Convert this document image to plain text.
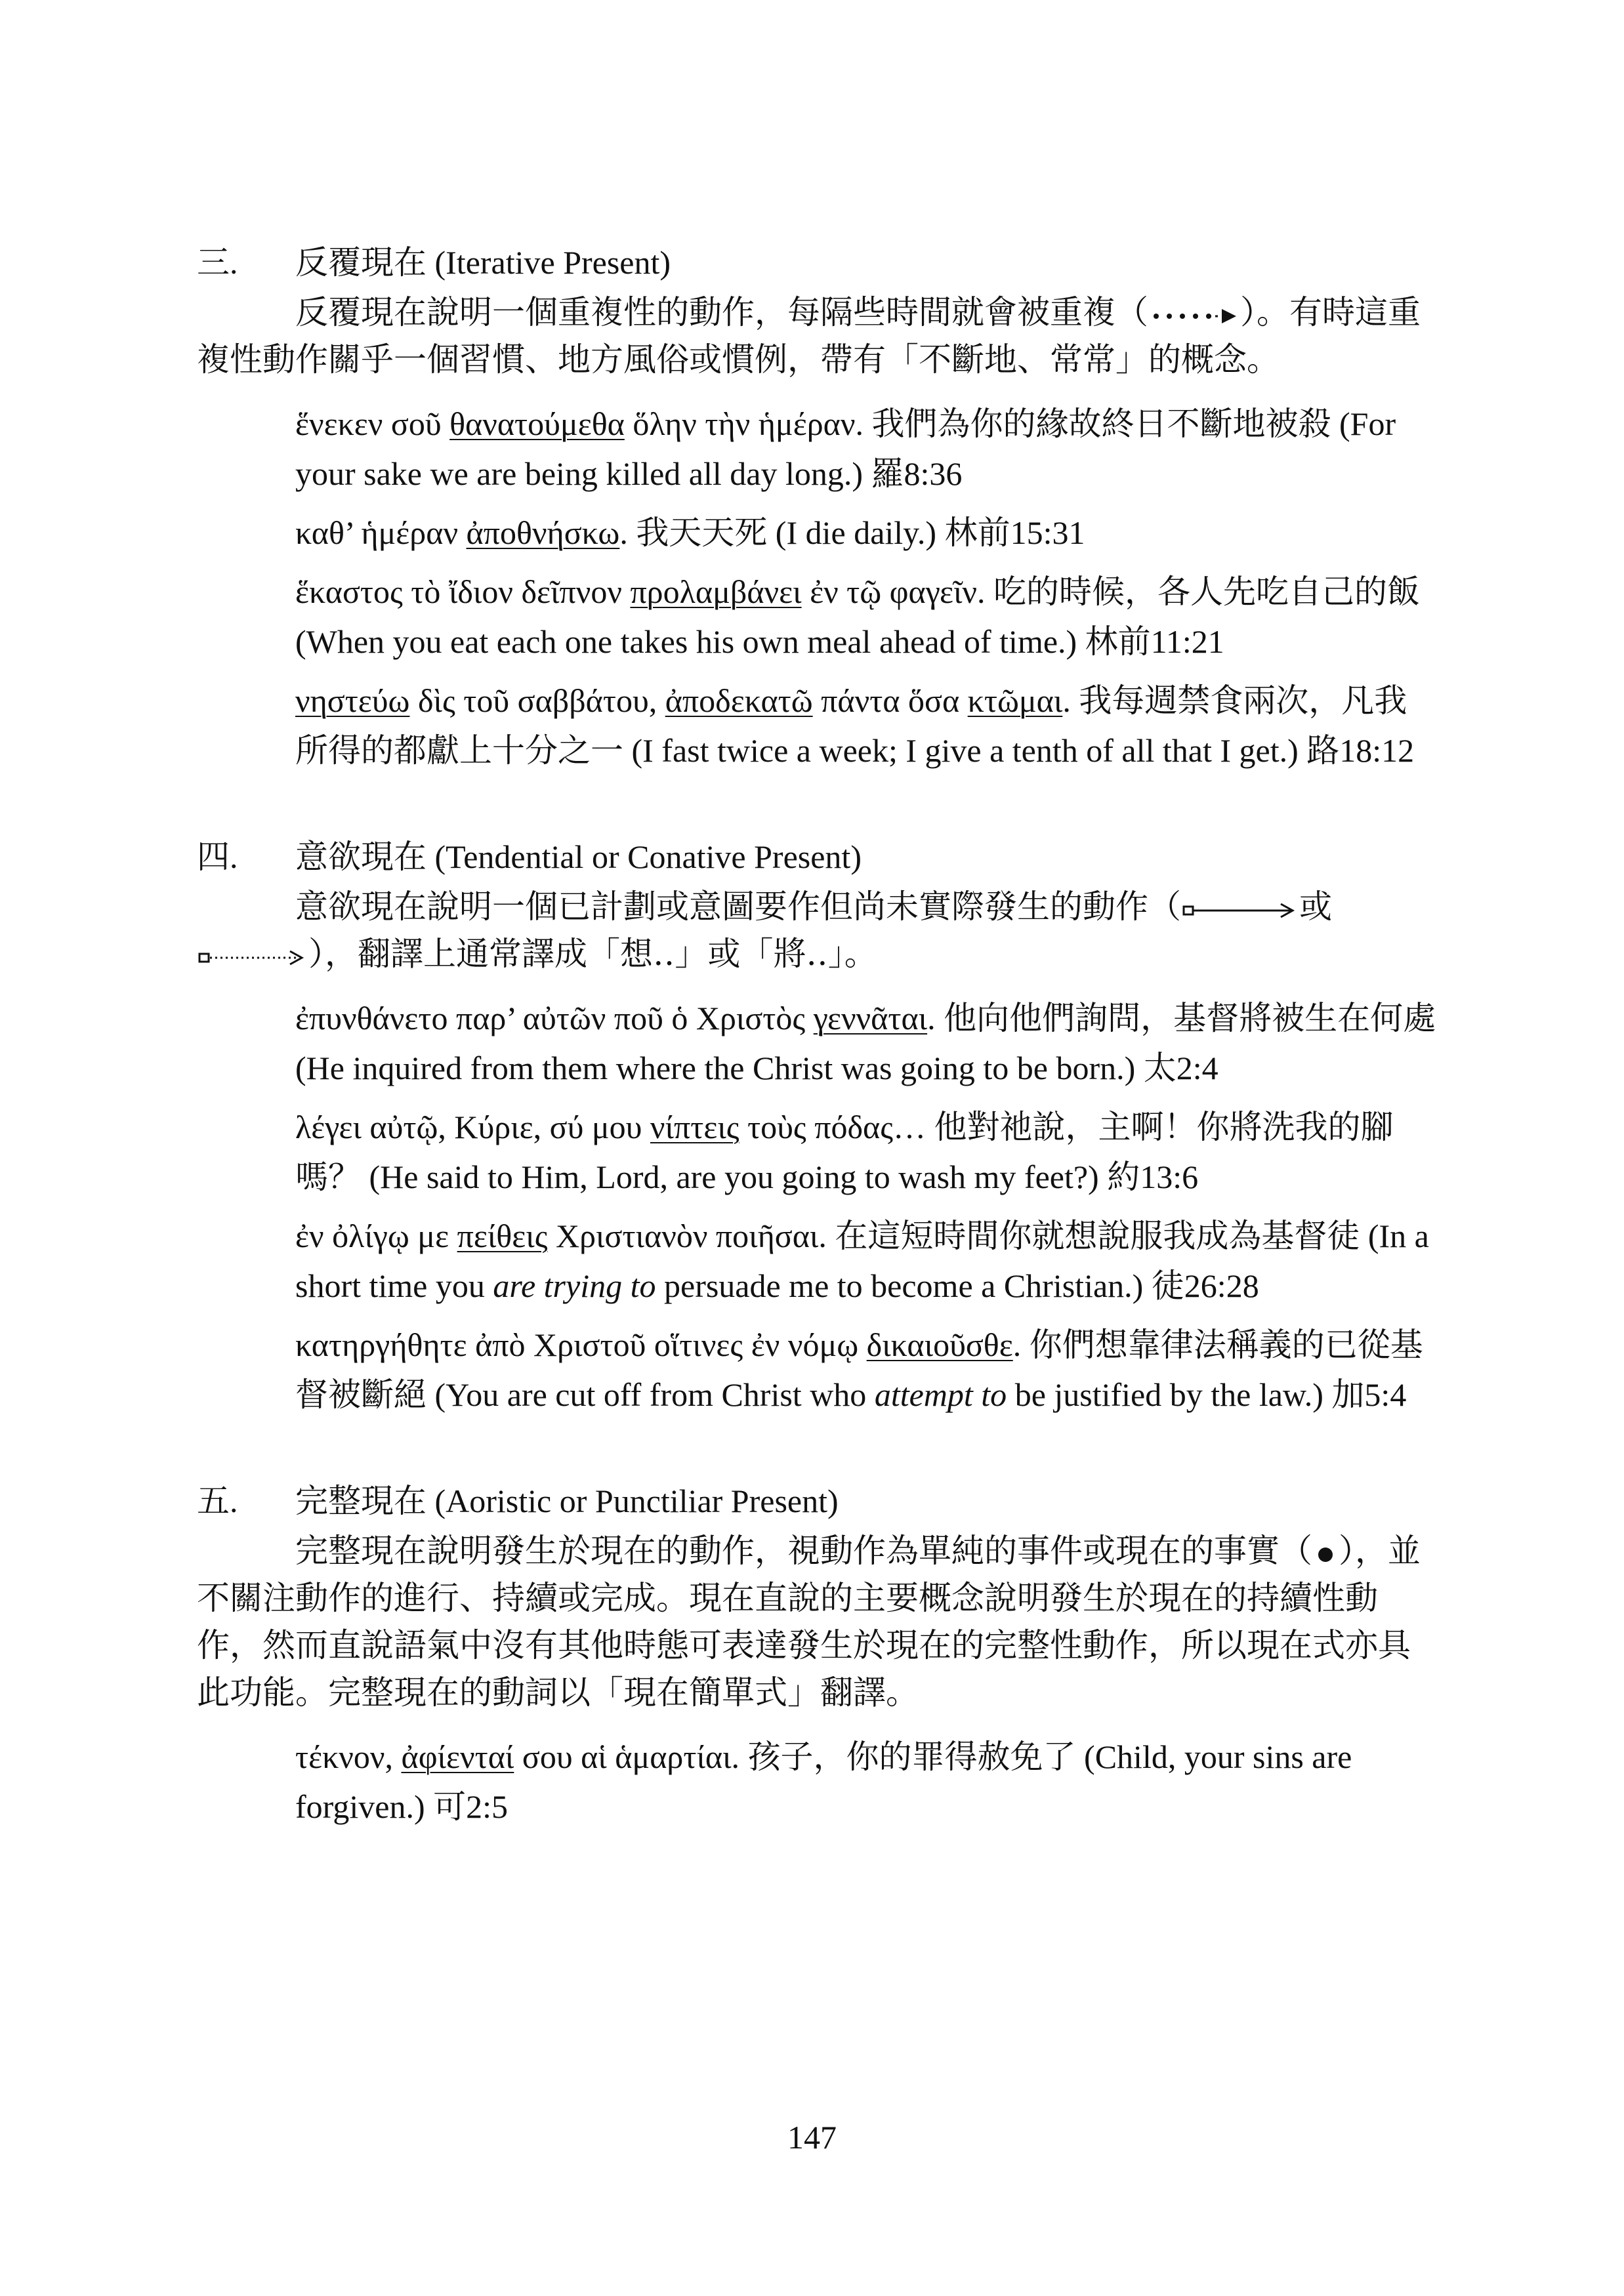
三. 反覆現在 (Iterative Present)

反覆現在說明一個重複性的動作，每隔些時間就會被重複（	）。有時這重複性動作關乎一個習慣、地方風俗或慣例，帶有「不斷地、常常」的概念。

ἕνεκεν σοῦ θανατούμεθα ὅλην τὴν ἡμέραν. 我們為你的緣故終日不斷地被殺 (For your sake we are being killed all day long.) 羅8:36

καθ’ ἡμέραν ἀποθνήσκω. 我天天死 (I die daily.) 林前15:31

ἕκαστος τὸ ἴδιον δεῖπνον προλαμβάνει ἐν τῷ φαγεῖν. 吃的時候，各人先吃自己的飯 (When you eat each one takes his own meal ahead of time.) 林前11:21

νηστεύω δὶς τοῦ σαββάτου, ἀποδεκατῶ πάντα ὅσα κτῶμαι. 我每週禁食兩次，凡我所得的都獻上十分之一 (I fast twice a week; I give a tenth of all that I get.) 路18:12

四. 意欲現在 (Tendential or Conative Present)

意欲現在說明一個已計劃或意圖要作但尚未實際發生的動作（	或），翻譯上通常譯成「想‥」或「將‥」。

ἐπυνθάνετο παρ’ αὐτῶν ποῦ ὁ Χριστὸς γεννᾶται. 他向他們詢問，基督將被生在何處 (He inquired from them where the Christ was going to be born.) 太2:4

λέγει αὐτῷ, Κύριε, σύ μου νίπτεις τοὺς πόδας… 他對祂說，主啊！你將洗我的腳嗎？ (He said to Him, Lord, are you going to wash my feet?) 約13:6

ἐν ὀλίγῳ με πείθεις Χριστιανὸν ποιῆσαι. 在這短時間你就想說服我成為基督徒 (In a short time you are trying to persuade me to become a Christian.) 徒26:28

κατηργήθητε ἀπὸ Χριστοῦ οἵτινες ἐν νόμῳ δικαιοῦσθε. 你們想靠律法稱義的已從基督被斷絕 (You are cut off from Christ who attempt to be justified by the law.) 加5:4

五. 完整現在 (Aoristic or Punctiliar Present)

完整現在說明發生於現在的動作，視動作為單純的事件或現在的事實（ ），並不關注動作的進行、持續或完成。現在直說的主要概念說明發生於現在的持續性動作，然而直說語氣中沒有其他時態可表達發生於現在的完整性動作，所以現在式亦具此功能。完整現在的動詞以「現在簡單式」翻譯。

τέκνον, ἀφίενταί σου αἱ ἁμαρτίαι. 孩子，你的罪得赦免了 (Child, your sins are forgiven.) 可2:5

147
